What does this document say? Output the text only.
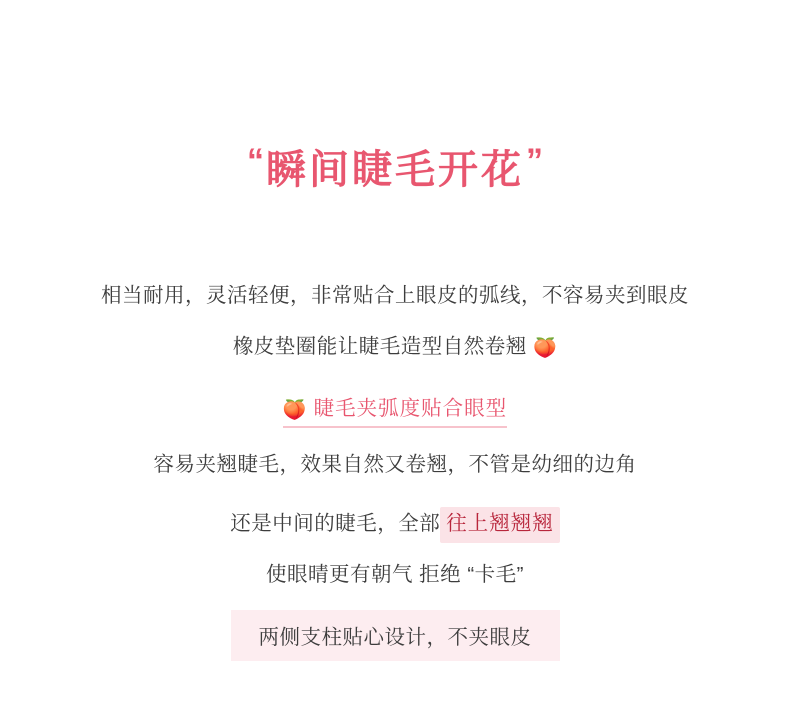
“瞬间睫毛开花”
相当耐用，灵活轻便，非常贴合上眼皮的弧线，不容易夹到眼皮
橡皮垫圈能让睫毛造型自然卷翘 🍑
🍑 睫毛夹弧度贴合眼型
容易夹翘睫毛，效果自然又卷翘，不管是幼细的边角
还是中间的睫毛，全部 往上翘翘翘
使眼晴更有朝气 拒绝 “卡毛”
两侧支柱贴心设计，不夹眼皮
